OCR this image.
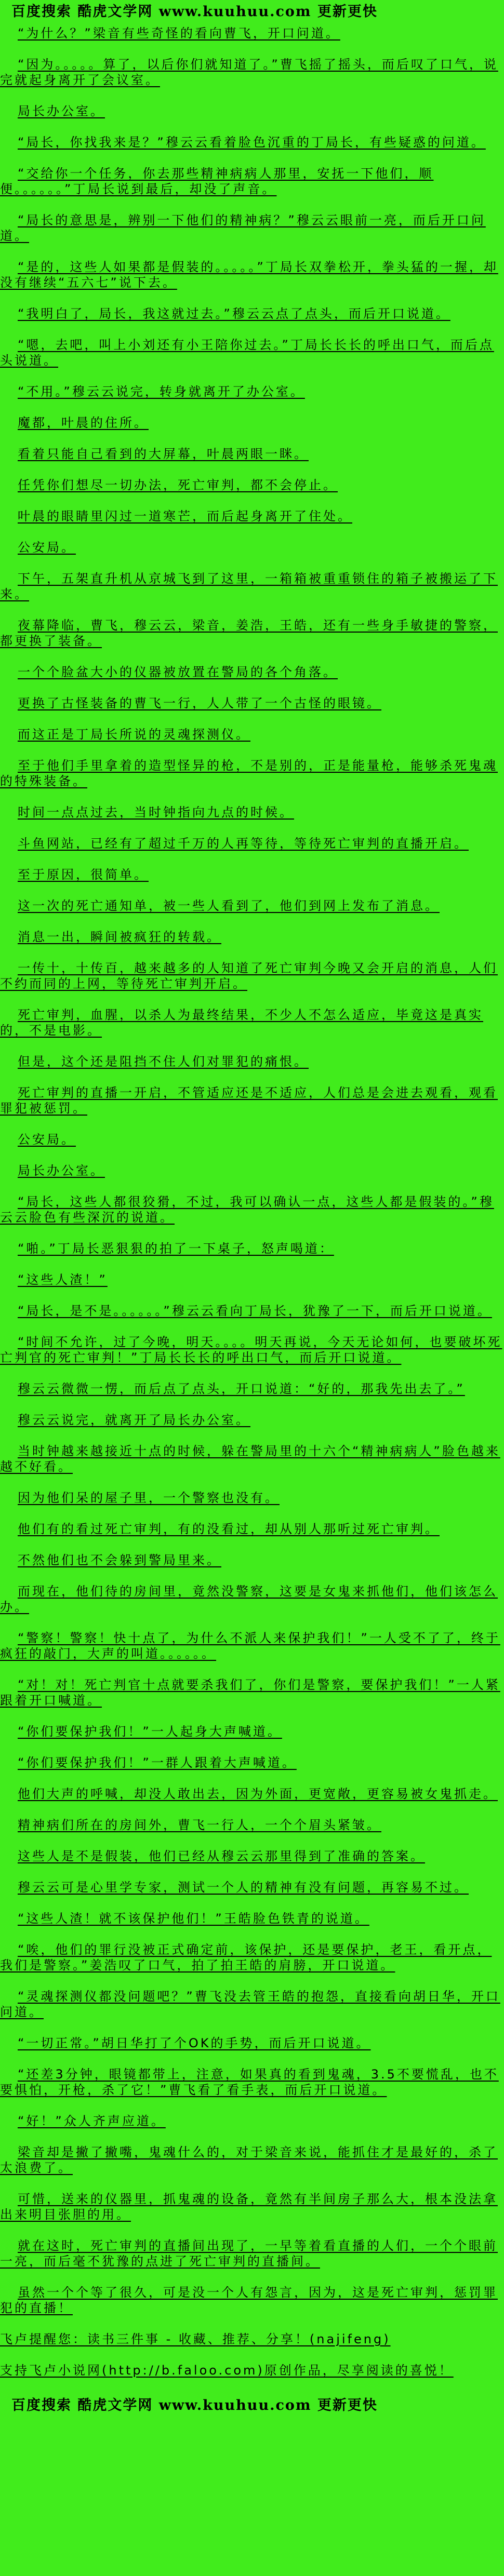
百度搜索 酷虎文学网 www.kuuhuu.com 更新更快

“为什么？”梁音有些奇怪的看向曹飞，开口问道。

“因为。。。。。算了，以后你们就知道了。”曹飞摇了摇头，而后叹了口气，说完就起身离开了会议室。

局长办公室。

“局长，你找我来是？”穆云云看着脸色沉重的丁局长，有些疑惑的问道。

“交给你一个任务，你去那些精神病病人那里，安抚一下他们，顺便。。。。。。”丁局长说到最后，却没了声音。

“局长的意思是，辨别一下他们的精神病？”穆云云眼前一亮，而后开口问道。

“是的，这些人如果都是假装的。。。。。”丁局长双拳松开，拳头猛的一握，却没有继续“五六七”说下去。

“我明白了，局长，我这就过去。”穆云云点了点头，而后开口说道。

“嗯，去吧，叫上小刘还有小王陪你过去。”丁局长长长的呼出口气，而后点头说道。

“不用。”穆云云说完，转身就离开了办公室。

魔都，叶晨的住所。

看着只能自己看到的大屏幕，叶晨两眼一眯。

任凭你们想尽一切办法，死亡审判，都不会停止。

叶晨的眼睛里闪过一道寒芒，而后起身离开了住处。

公安局。

下午，五架直升机从京城飞到了这里，一箱箱被重重锁住的箱子被搬运了下来。

夜幕降临，曹飞，穆云云，梁音，姜浩，王皓，还有一些身手敏捷的警察，都更换了装备。

一个个脸盆大小的仪器被放置在警局的各个角落。

更换了古怪装备的曹飞一行，人人带了一个古怪的眼镜。

而这正是丁局长所说的灵魂探测仪。

至于他们手里拿着的造型怪异的枪，不是别的，正是能量枪，能够杀死鬼魂的特殊装备。

时间一点点过去，当时钟指向九点的时候。

斗鱼网站，已经有了超过千万的人再等待，等待死亡审判的直播开启。

至于原因，很简单。

这一次的死亡通知单，被一些人看到了，他们到网上发布了消息。

消息一出，瞬间被疯狂的转载。

一传十，十传百，越来越多的人知道了死亡审判今晚又会开启的消息，人们不约而同的上网，等待死亡审判开启。

死亡审判，血腥，以杀人为最终结果，不少人不怎么适应，毕竟这是真实的，不是电影。

但是，这个还是阻挡不住人们对罪犯的痛恨。

死亡审判的直播一开启，不管适应还是不适应，人们总是会进去观看，观看罪犯被惩罚。

公安局。

局长办公室。

“局长，这些人都很狡猾，不过，我可以确认一点，这些人都是假装的。”穆云云脸色有些深沉的说道。

“啪。”丁局长恶狠狠的拍了一下桌子，怒声喝道：

“这些人渣！”

“局长，是不是。。。。。。”穆云云看向丁局长，犹豫了一下，而后开口说道。

“时间不允许，过了今晚，明天。。。。明天再说，今天无论如何，也要破坏死亡判官的死亡审判！”丁局长长长的呼出口气，而后开口说道。

穆云云微微一愣，而后点了点头，开口说道：“好的，那我先出去了。”

穆云云说完，就离开了局长办公室。

当时钟越来越接近十点的时候，躲在警局里的十六个“精神病病人”脸色越来越不好看。

因为他们呆的屋子里，一个警察也没有。

他们有的看过死亡审判，有的没看过，却从别人那听过死亡审判。

不然他们也不会躲到警局里来。

而现在，他们待的房间里，竟然没警察，这要是女鬼来抓他们，他们该怎么办。

“警察！警察！快十点了，为什么不派人来保护我们！”一人受不了了，终于疯狂的敲门，大声的叫道。。。。。。

“对！对！死亡判官十点就要杀我们了，你们是警察，要保护我们！”一人紧跟着开口喊道。

“你们要保护我们！”一人起身大声喊道。

“你们要保护我们！”一群人跟着大声喊道。

他们大声的呼喊，却没人敢出去，因为外面，更宽敞，更容易被女鬼抓走。

精神病们所在的房间外，曹飞一行人，一个个眉头紧皱。

这些人是不是假装，他们已经从穆云云那里得到了准确的答案。

穆云云可是心里学专家，测试一个人的精神有没有问题，再容易不过。

“这些人渣！就不该保护他们！”王皓脸色铁青的说道。

“唉，他们的罪行没被正式确定前，该保护，还是要保护，老王，看开点，我们是警察。”姜浩叹了口气，拍了拍王皓的肩膀，开口说道。

“灵魂探测仪都没问题吧？”曹飞没去管王皓的抱怨，直接看向胡日华，开口问道。

“一切正常。”胡日华打了个OK的手势，而后开口说道。

“还差3分钟，眼镜都带上，注意，如果真的看到鬼魂，3.5不要慌乱，也不要惧怕，开枪，杀了它！”曹飞看了看手表，而后开口说道。

“好！”众人齐声应道。

梁音却是撇了撇嘴，鬼魂什么的，对于梁音来说，能抓住才是最好的，杀了太浪费了。

可惜，送来的仪器里，抓鬼魂的设备，竟然有半间房子那么大，根本没法拿出来明目张胆的用。

就在这时，死亡审判的直播间出现了，一早等着看直播的人们，一个个眼前一亮，而后毫不犹豫的点进了死亡审判的直播间。

虽然一个个等了很久，可是没一个人有怨言，因为，这是死亡审判，惩罚罪犯的直播！

飞卢提醒您：读书三件事 - 收藏、推荐、分享！(najifeng)

支持飞卢小说网(http://b.faloo.com)原创作品，尽享阅读的喜悦！

百度搜索 酷虎文学网 www.kuuhuu.com 更新更快
